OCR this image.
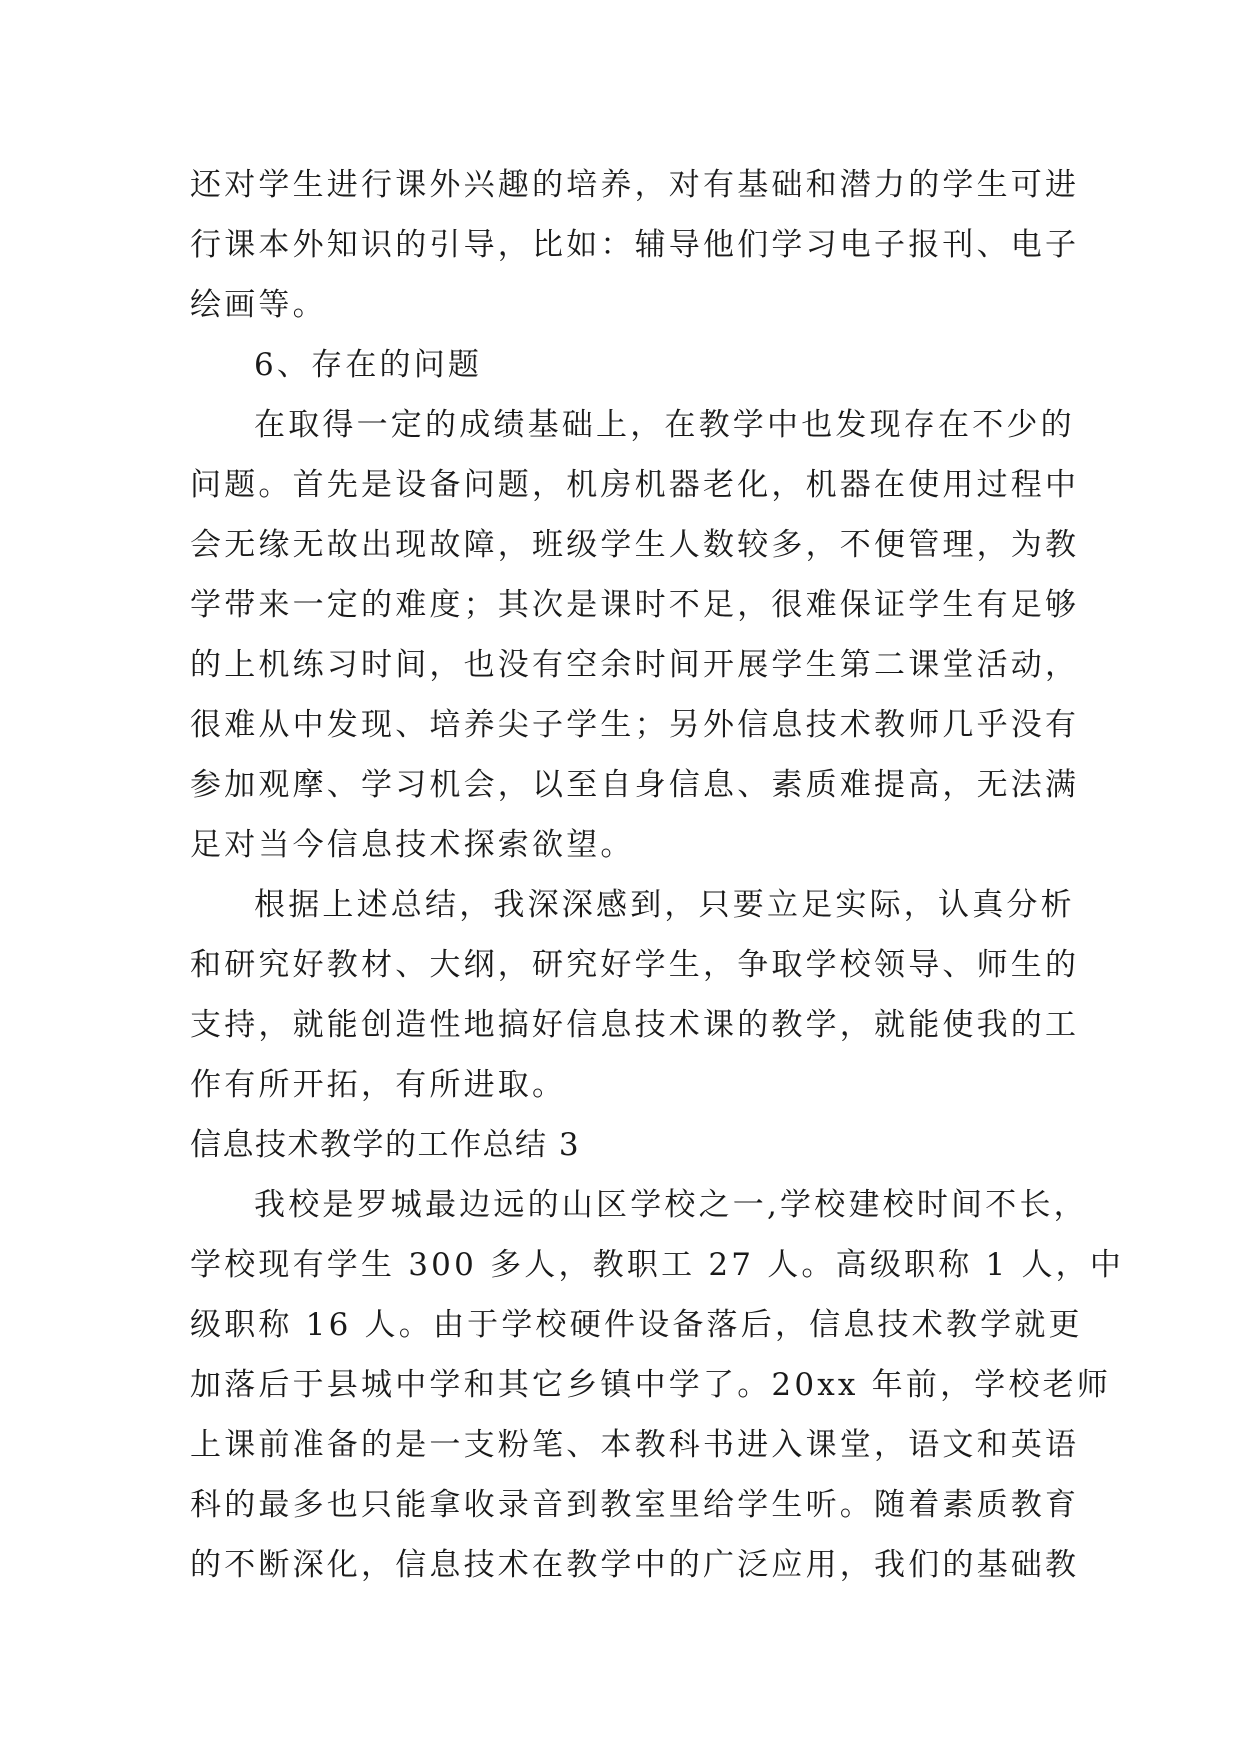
还对学生进行课外兴趣的培养，对有基础和潜力的学生可进
行课本外知识的引导，比如：辅导他们学习电子报刊、电子
绘画等。
6、存在的问题
在取得一定的成绩基础上，在教学中也发现存在不少的
问题。首先是设备问题，机房机器老化，机器在使用过程中
会无缘无故出现故障，班级学生人数较多，不便管理，为教
学带来一定的难度；其次是课时不足，很难保证学生有足够
的上机练习时间，也没有空余时间开展学生第二课堂活动，
很难从中发现、培养尖子学生；另外信息技术教师几乎没有
参加观摩、学习机会，以至自身信息、素质难提高，无法满
足对当今信息技术探索欲望。
根据上述总结，我深深感到，只要立足实际，认真分析
和研究好教材、大纲，研究好学生，争取学校领导、师生的
支持，就能创造性地搞好信息技术课的教学，就能使我的工
作有所开拓，有所进取。
信息技术教学的工作总结 3
我校是罗城最边远的山区学校之一,学校建校时间不长，
学校现有学生 300 多人，教职工 27 人。高级职称 1 人，中
级职称 16 人。由于学校硬件设备落后，信息技术教学就更
加落后于县城中学和其它乡镇中学了。20xx 年前，学校老师
上课前准备的是一支粉笔、本教科书进入课堂，语文和英语
科的最多也只能拿收录音到教室里给学生听。随着素质教育
的不断深化，信息技术在教学中的广泛应用，我们的基础教
